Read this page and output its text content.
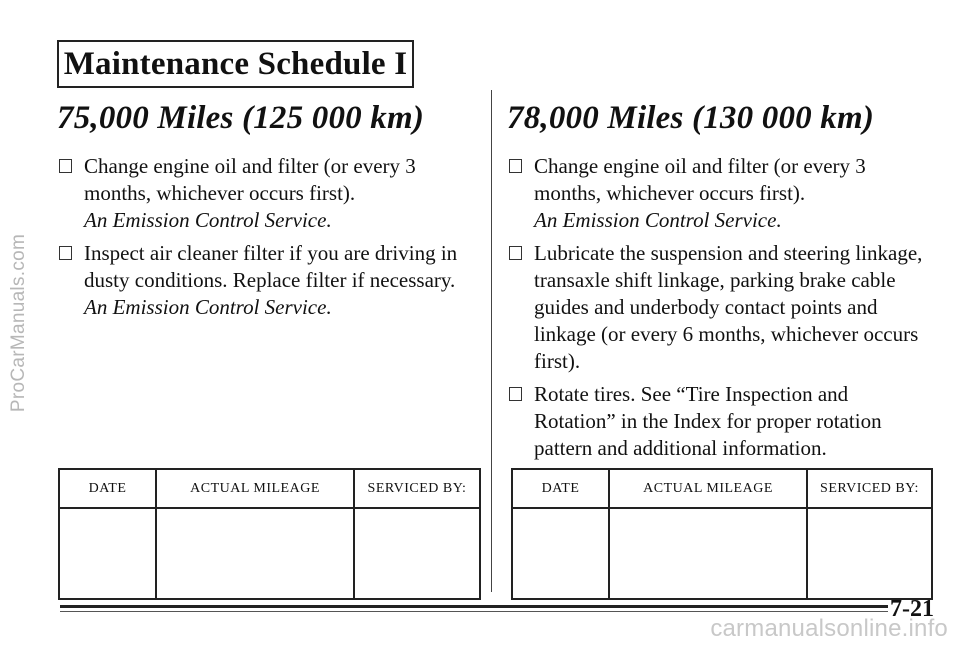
ProCarManuals.com
Maintenance Schedule I
75,000 Miles (125 000 km)
Change engine oil and filter (or every 3 months, whichever occurs first).
An Emission Control Service.
Inspect air cleaner filter if you are driving in dusty conditions. Replace filter if necessary. An Emission Control Service.
78,000 Miles (130 000 km)
Change engine oil and filter (or every 3 months, whichever occurs first).
An Emission Control Service.
Lubricate the suspension and steering linkage, transaxle shift linkage, parking brake cable guides and underbody contact points and linkage (or every 6 months, whichever occurs first).
Rotate tires. See “Tire Inspection and Rotation” in the Index for proper rotation pattern and additional information.
DATE	ACTUAL MILEAGE	SERVICED BY:
			DATE	ACTUAL MILEAGE	SERVICED BY:

7-21
carmanualsonline.info
